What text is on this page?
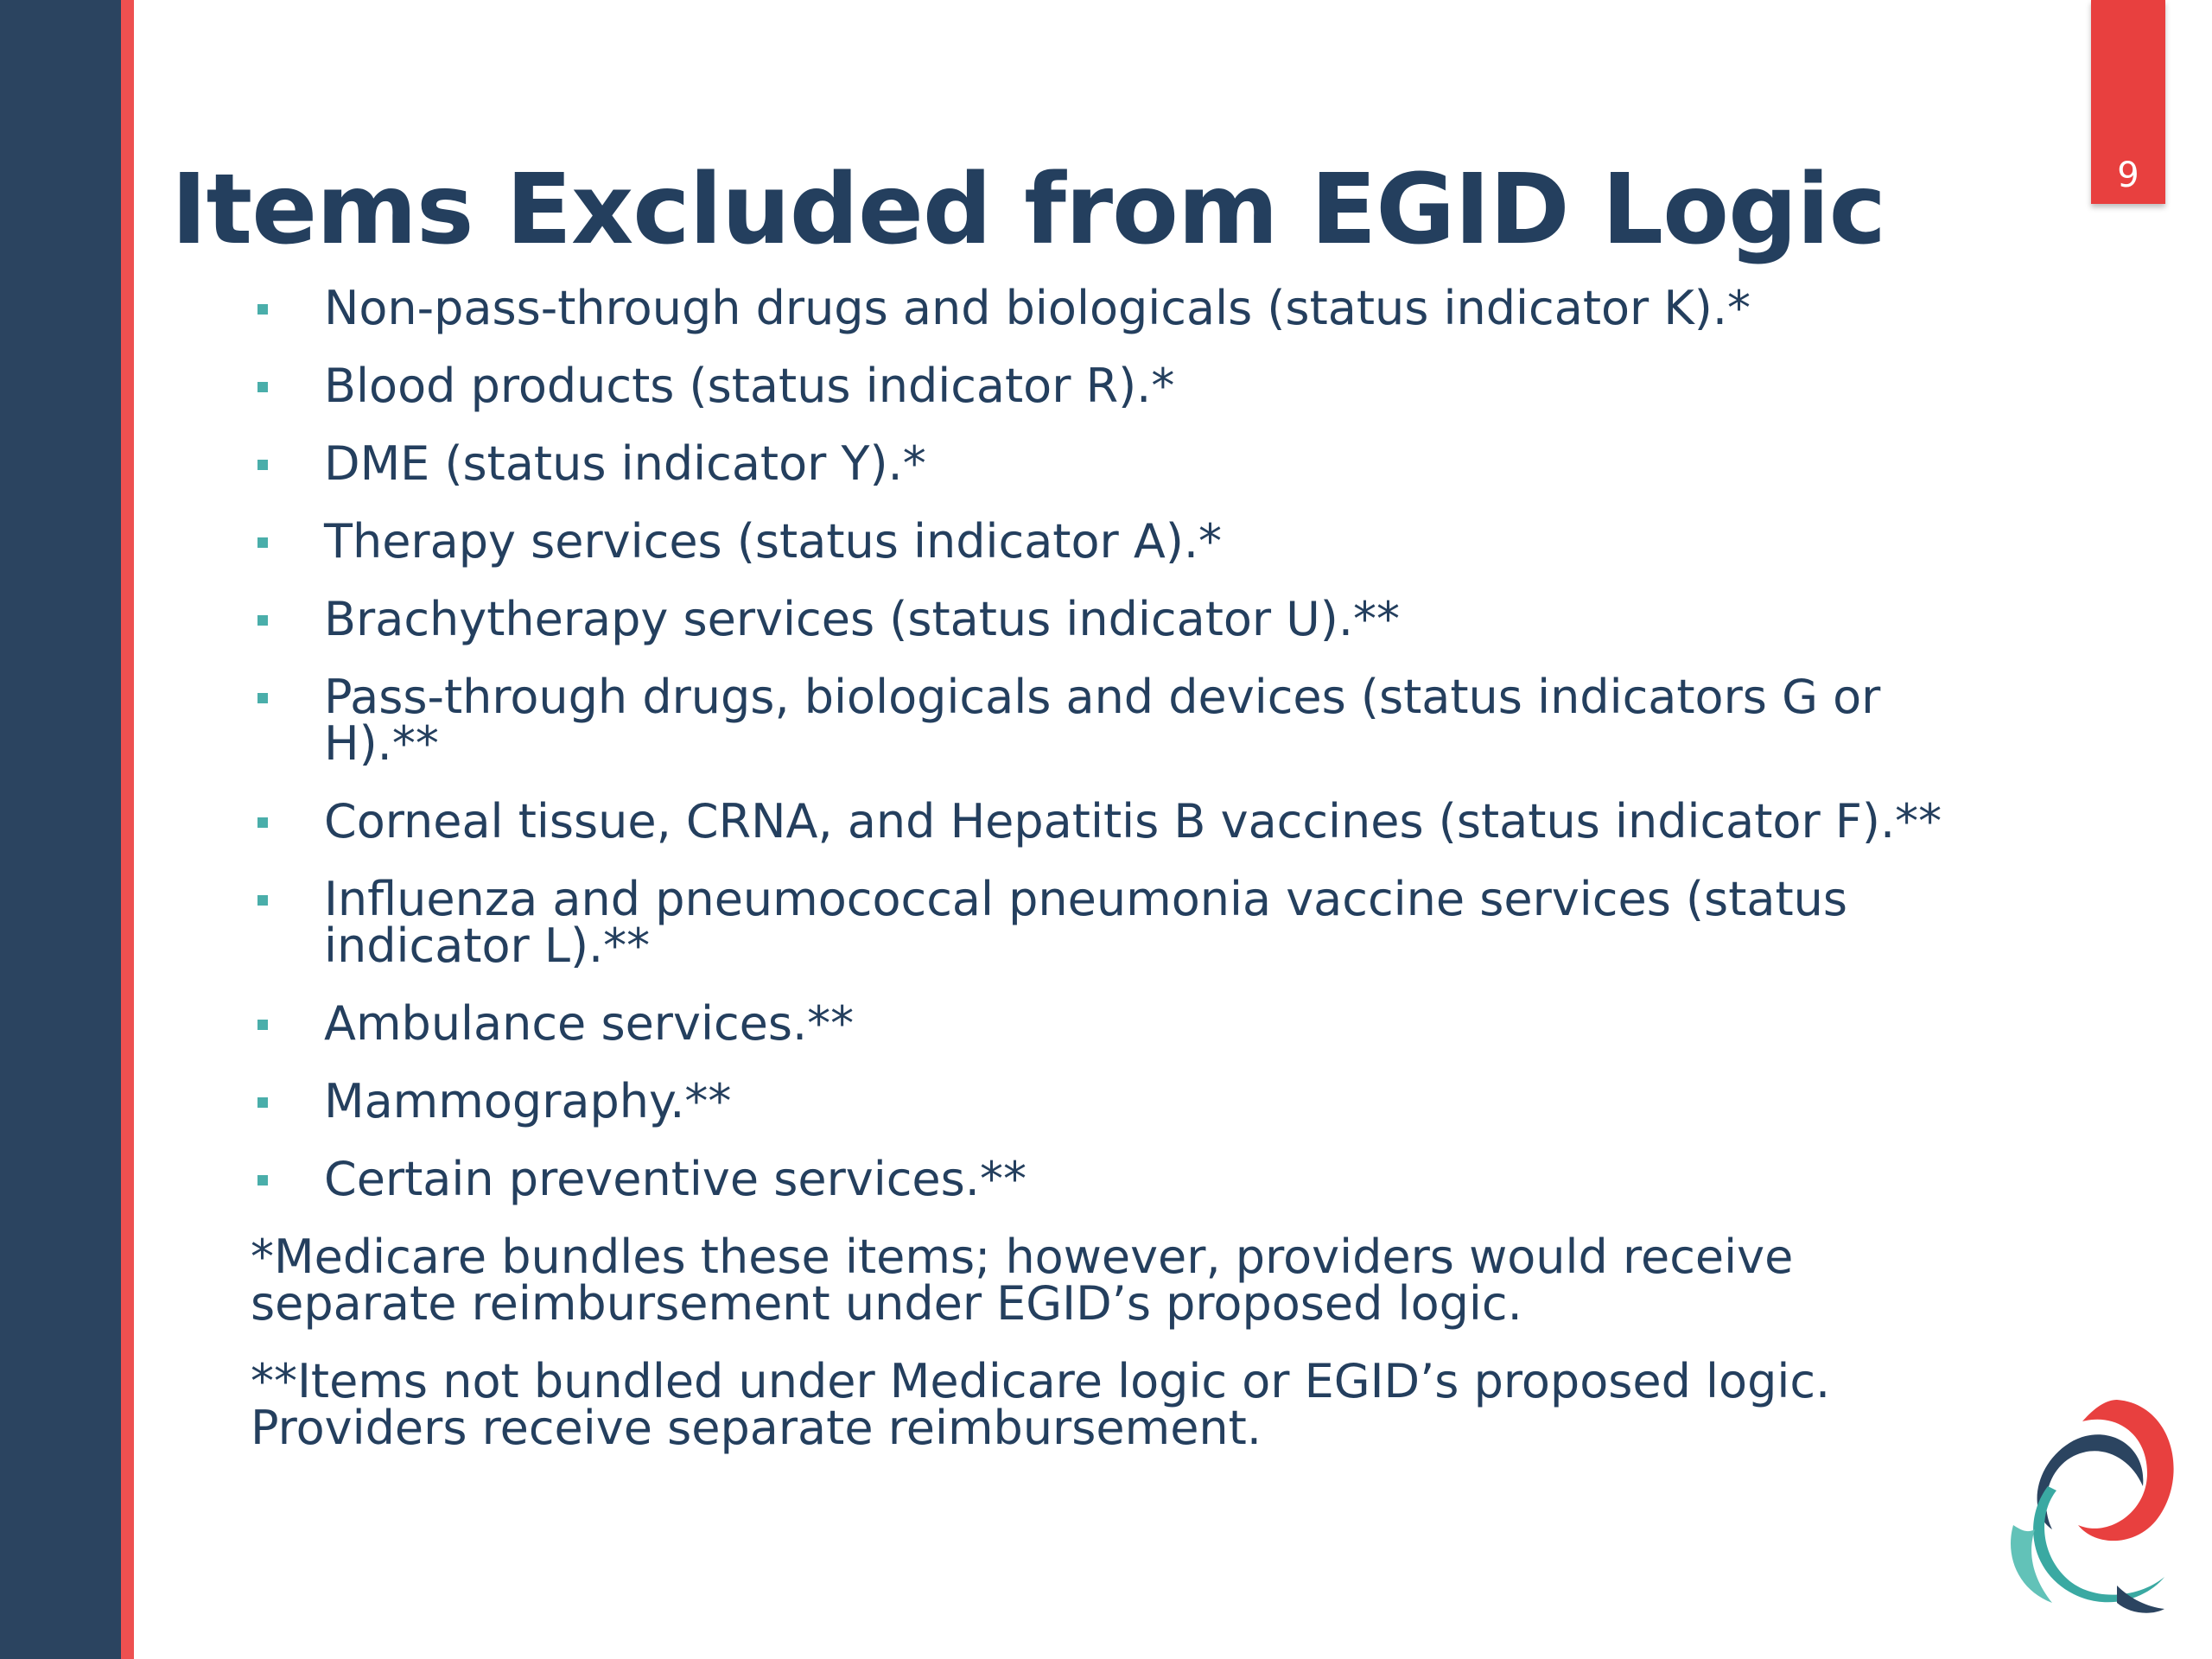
9
Items Excluded from EGID Logic
Non-pass-through drugs and biologicals (status indicator K).*
Blood products (status indicator R).*
DME (status indicator Y).*
Therapy services (status indicator A).*
Brachytherapy services (status indicator U).**
Pass-through drugs, biologicals and devices (status indicators G or H).**
Corneal tissue, CRNA, and Hepatitis B vaccines (status indicator F).**
Influenza and pneumococcal pneumonia vaccine services (status indicator L).**
Ambulance services.**
Mammography.**
Certain preventive services.**

*Medicare bundles these items; however, providers would receive separate reimbursement under EGID’s proposed logic.

**Items not bundled under Medicare logic or EGID’s proposed logic. Providers receive separate reimbursement.
